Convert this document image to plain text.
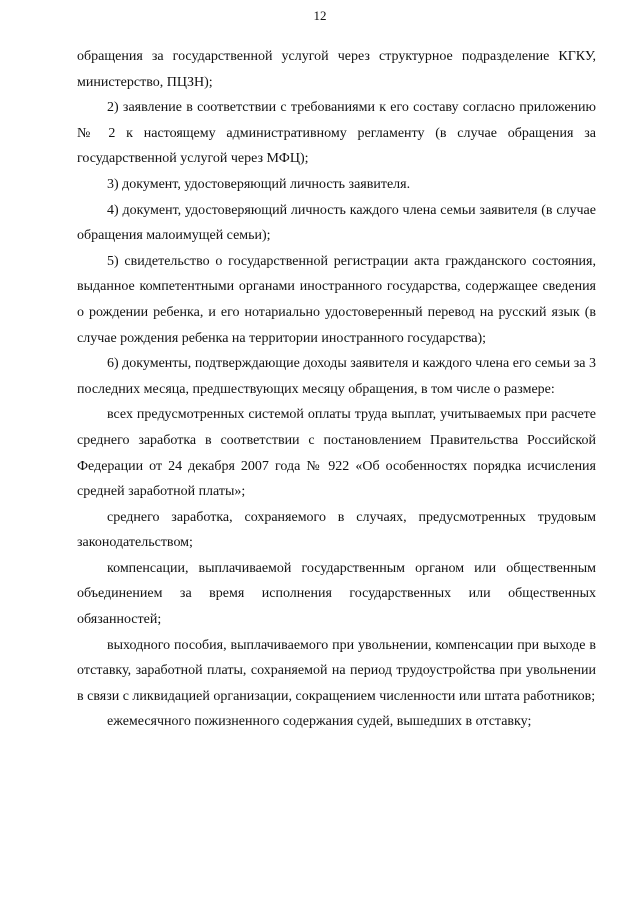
12

обращения за государственной услугой через структурное подразделение КГКУ, министерство, ПЦЗН);

2) заявление в соответствии с требованиями к его составу согласно приложению № 2 к настоящему административному регламенту (в случае обращения за государственной услугой через МФЦ);

3) документ, удостоверяющий личность заявителя.

4) документ, удостоверяющий личность каждого члена семьи заявителя (в случае обращения малоимущей семьи);

5) свидетельство о государственной регистрации акта гражданского состояния, выданное компетентными органами иностранного государства, содержащее сведения о рождении ребенка, и его нотариально удостоверенный перевод на русский язык (в случае рождения ребенка на территории иностранного государства);

6) документы, подтверждающие доходы заявителя и каждого члена его семьи за 3 последних месяца, предшествующих месяцу обращения, в том числе о размере:

всех предусмотренных системой оплаты труда выплат, учитываемых при расчете среднего заработка в соответствии с постановлением Правительства Российской Федерации от 24 декабря 2007 года № 922 «Об особенностях порядка исчисления средней заработной платы»;

среднего заработка, сохраняемого в случаях, предусмотренных трудовым законодательством;

компенсации, выплачиваемой государственным органом или общественным объединением за время исполнения государственных или общественных обязанностей;

выходного пособия, выплачиваемого при увольнении, компенсации при выходе в отставку, заработной платы, сохраняемой на период трудоустройства при увольнении в связи с ликвидацией организации, сокращением численности или штата работников;

ежемесячного пожизненного содержания судей, вышедших в отставку;
